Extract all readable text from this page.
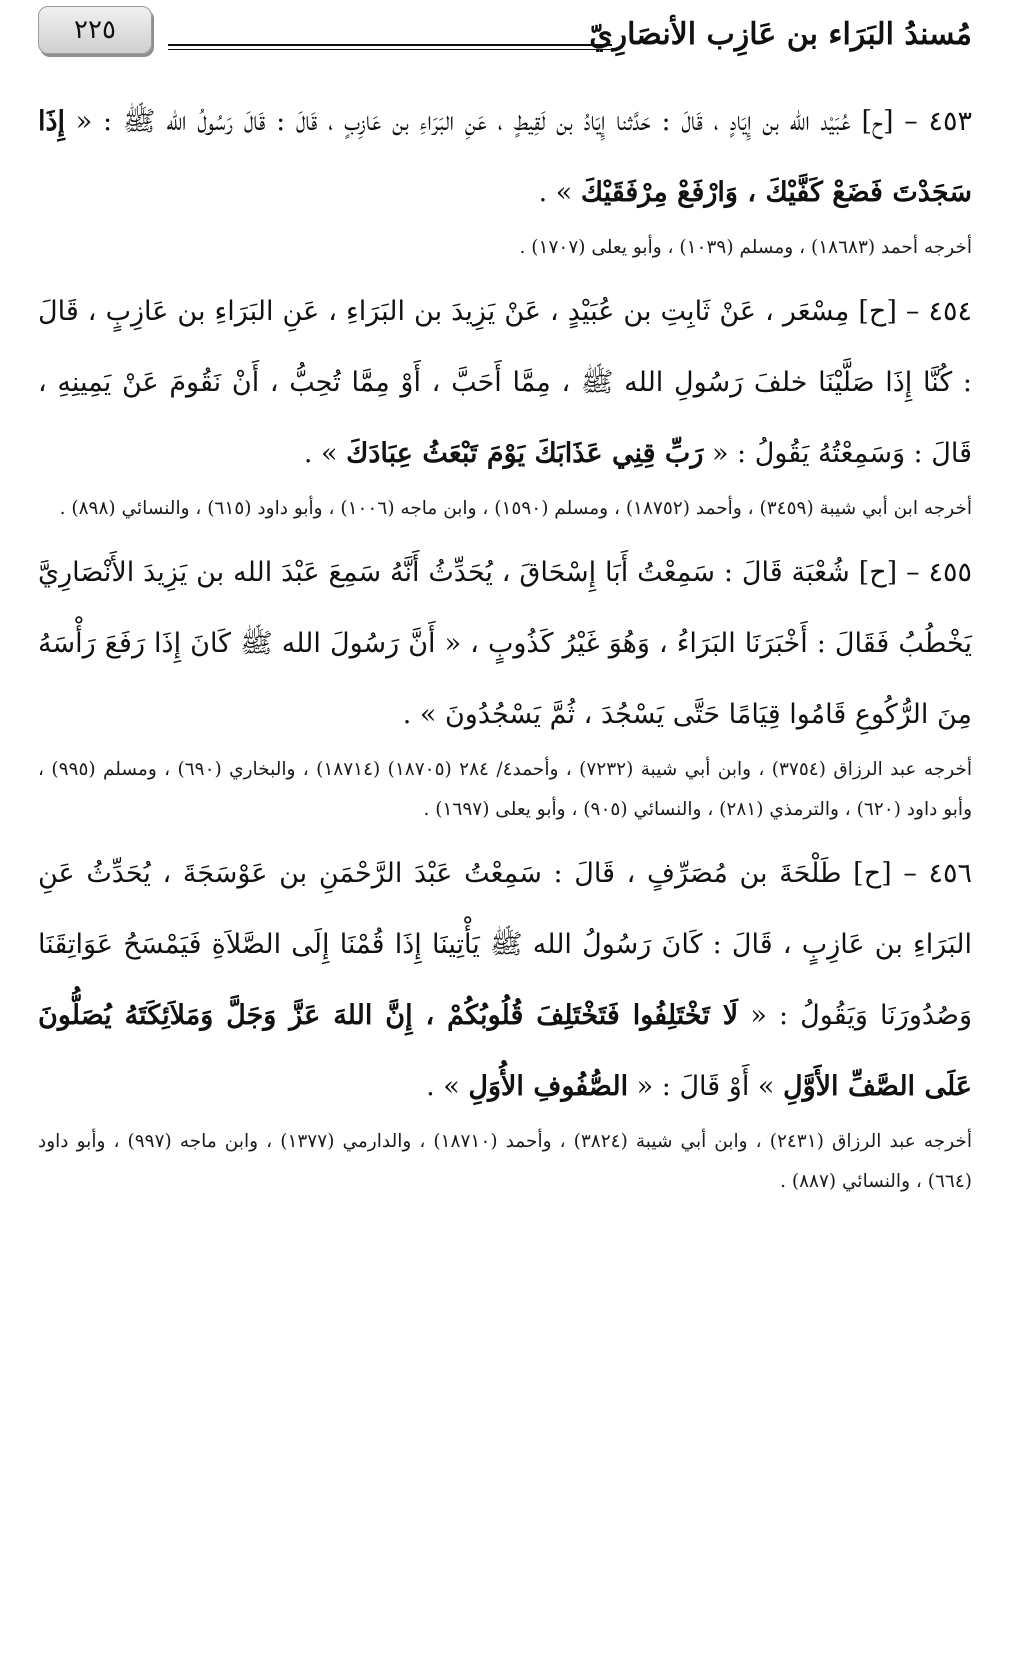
مُسندُ البَرَاء بن عَازِب الأنصَارِيّ
٢٢٥

٤٥٣ – [ح] عُبَيْد الله بن إِيَادٍ ، قَالَ : حَدَّثنا إِيَادُ بن لَقِيطٍ ، عَنِ البَرَاءِ بن عَازِبٍ ، قَالَ : قَالَ رَسُولُ الله ﷺ : « إِذَا سَجَدْتَ فَضَعْ كَفَّيْكَ ، وَارْفَعْ مِرْفَقَيْكَ » .

أخرجه أحمد (١٨٦٨٣) ، ومسلم (١٠٣٩) ، وأبو يعلى (١٧٠٧) .

٤٥٤ – [ح] مِسْعَر ، عَنْ ثَابِتِ بن عُبَيْدٍ ، عَنْ يَزِيدَ بن البَرَاءِ ، عَنِ البَرَاءِ بن عَازِبٍ ، قَالَ : كُنَّا إِذَا صَلَّيْنَا خلفَ رَسُولِ الله ﷺ ، مِمَّا أَحَبَّ ، أَوْ مِمَّا تُحِبُّ ، أَنْ نَقُومَ عَنْ يَمِينِهِ ، قَالَ : وَسَمِعْتُهُ يَقُولُ : « رَبِّ قِنِي عَذَابَكَ يَوْمَ تَبْعَثُ عِبَادَكَ » .

أخرجه ابن أبي شيبة (٣٤٥٩) ، وأحمد (١٨٧٥٢) ، ومسلم (١٥٩٠) ، وابن ماجه (١٠٠٦) ، وأبو داود (٦١٥) ، والنسائي (٨٩٨) .

٤٥٥ – [ح] شُعْبَة قَالَ : سَمِعْتُ أَبَا إِسْحَاقَ ، يُحَدِّثُ أَنَّهُ سَمِعَ عَبْدَ الله بن يَزِيدَ الأَنْصَارِيَّ يَخْطُبُ فَقَالَ : أَخْبَرَنَا البَرَاءُ ، وَهُوَ غَيْرُ كَذُوبٍ ، « أَنَّ رَسُولَ الله ﷺ كَانَ إِذَا رَفَعَ رَأْسَهُ مِنَ الرُّكُوعِ قَامُوا قِيَامًا حَتَّى يَسْجُدَ ، ثُمَّ يَسْجُدُونَ » .

أخرجه عبد الرزاق (٣٧٥٤) ، وابن أبي شيبة (٧٢٣٢) ، وأحمد٤/ ٢٨٤ (١٨٧٠٥) (١٨٧١٤) ، والبخاري (٦٩٠) ، ومسلم (٩٩٥) ، وأبو داود (٦٢٠) ، والترمذي (٢٨١) ، والنسائي (٩٠٥) ، وأبو يعلى (١٦٩٧) .

٤٥٦ – [ح] طَلْحَةَ بن مُصَرِّفٍ ، قَالَ : سَمِعْتُ عَبْدَ الرَّحْمَنِ بن عَوْسَجَةَ ، يُحَدِّثُ عَنِ البَرَاءِ بن عَازِبٍ ، قَالَ : كَانَ رَسُولُ الله ﷺ يَأْتِينَا إِذَا قُمْنَا إِلَى الصَّلاَةِ فَيَمْسَحُ عَوَاتِقَنَا وَصُدُورَنَا وَيَقُولُ : « لَا تَخْتَلِفُوا فَتَخْتَلِفَ قُلُوبُكُمْ ، إِنَّ اللهَ عَزَّ وَجَلَّ وَمَلاَئِكَتَهُ يُصَلُّونَ عَلَى الصَّفِّ الأَوَّلِ » أَوْ قَالَ : « الصُّفُوفِ الأُوَلِ » .

أخرجه عبد الرزاق (٢٤٣١) ، وابن أبي شيبة (٣٨٢٤) ، وأحمد (١٨٧١٠) ، والدارمي (١٣٧٧) ، وابن ماجه (٩٩٧) ، وأبو داود (٦٦٤) ، والنسائي (٨٨٧) .
